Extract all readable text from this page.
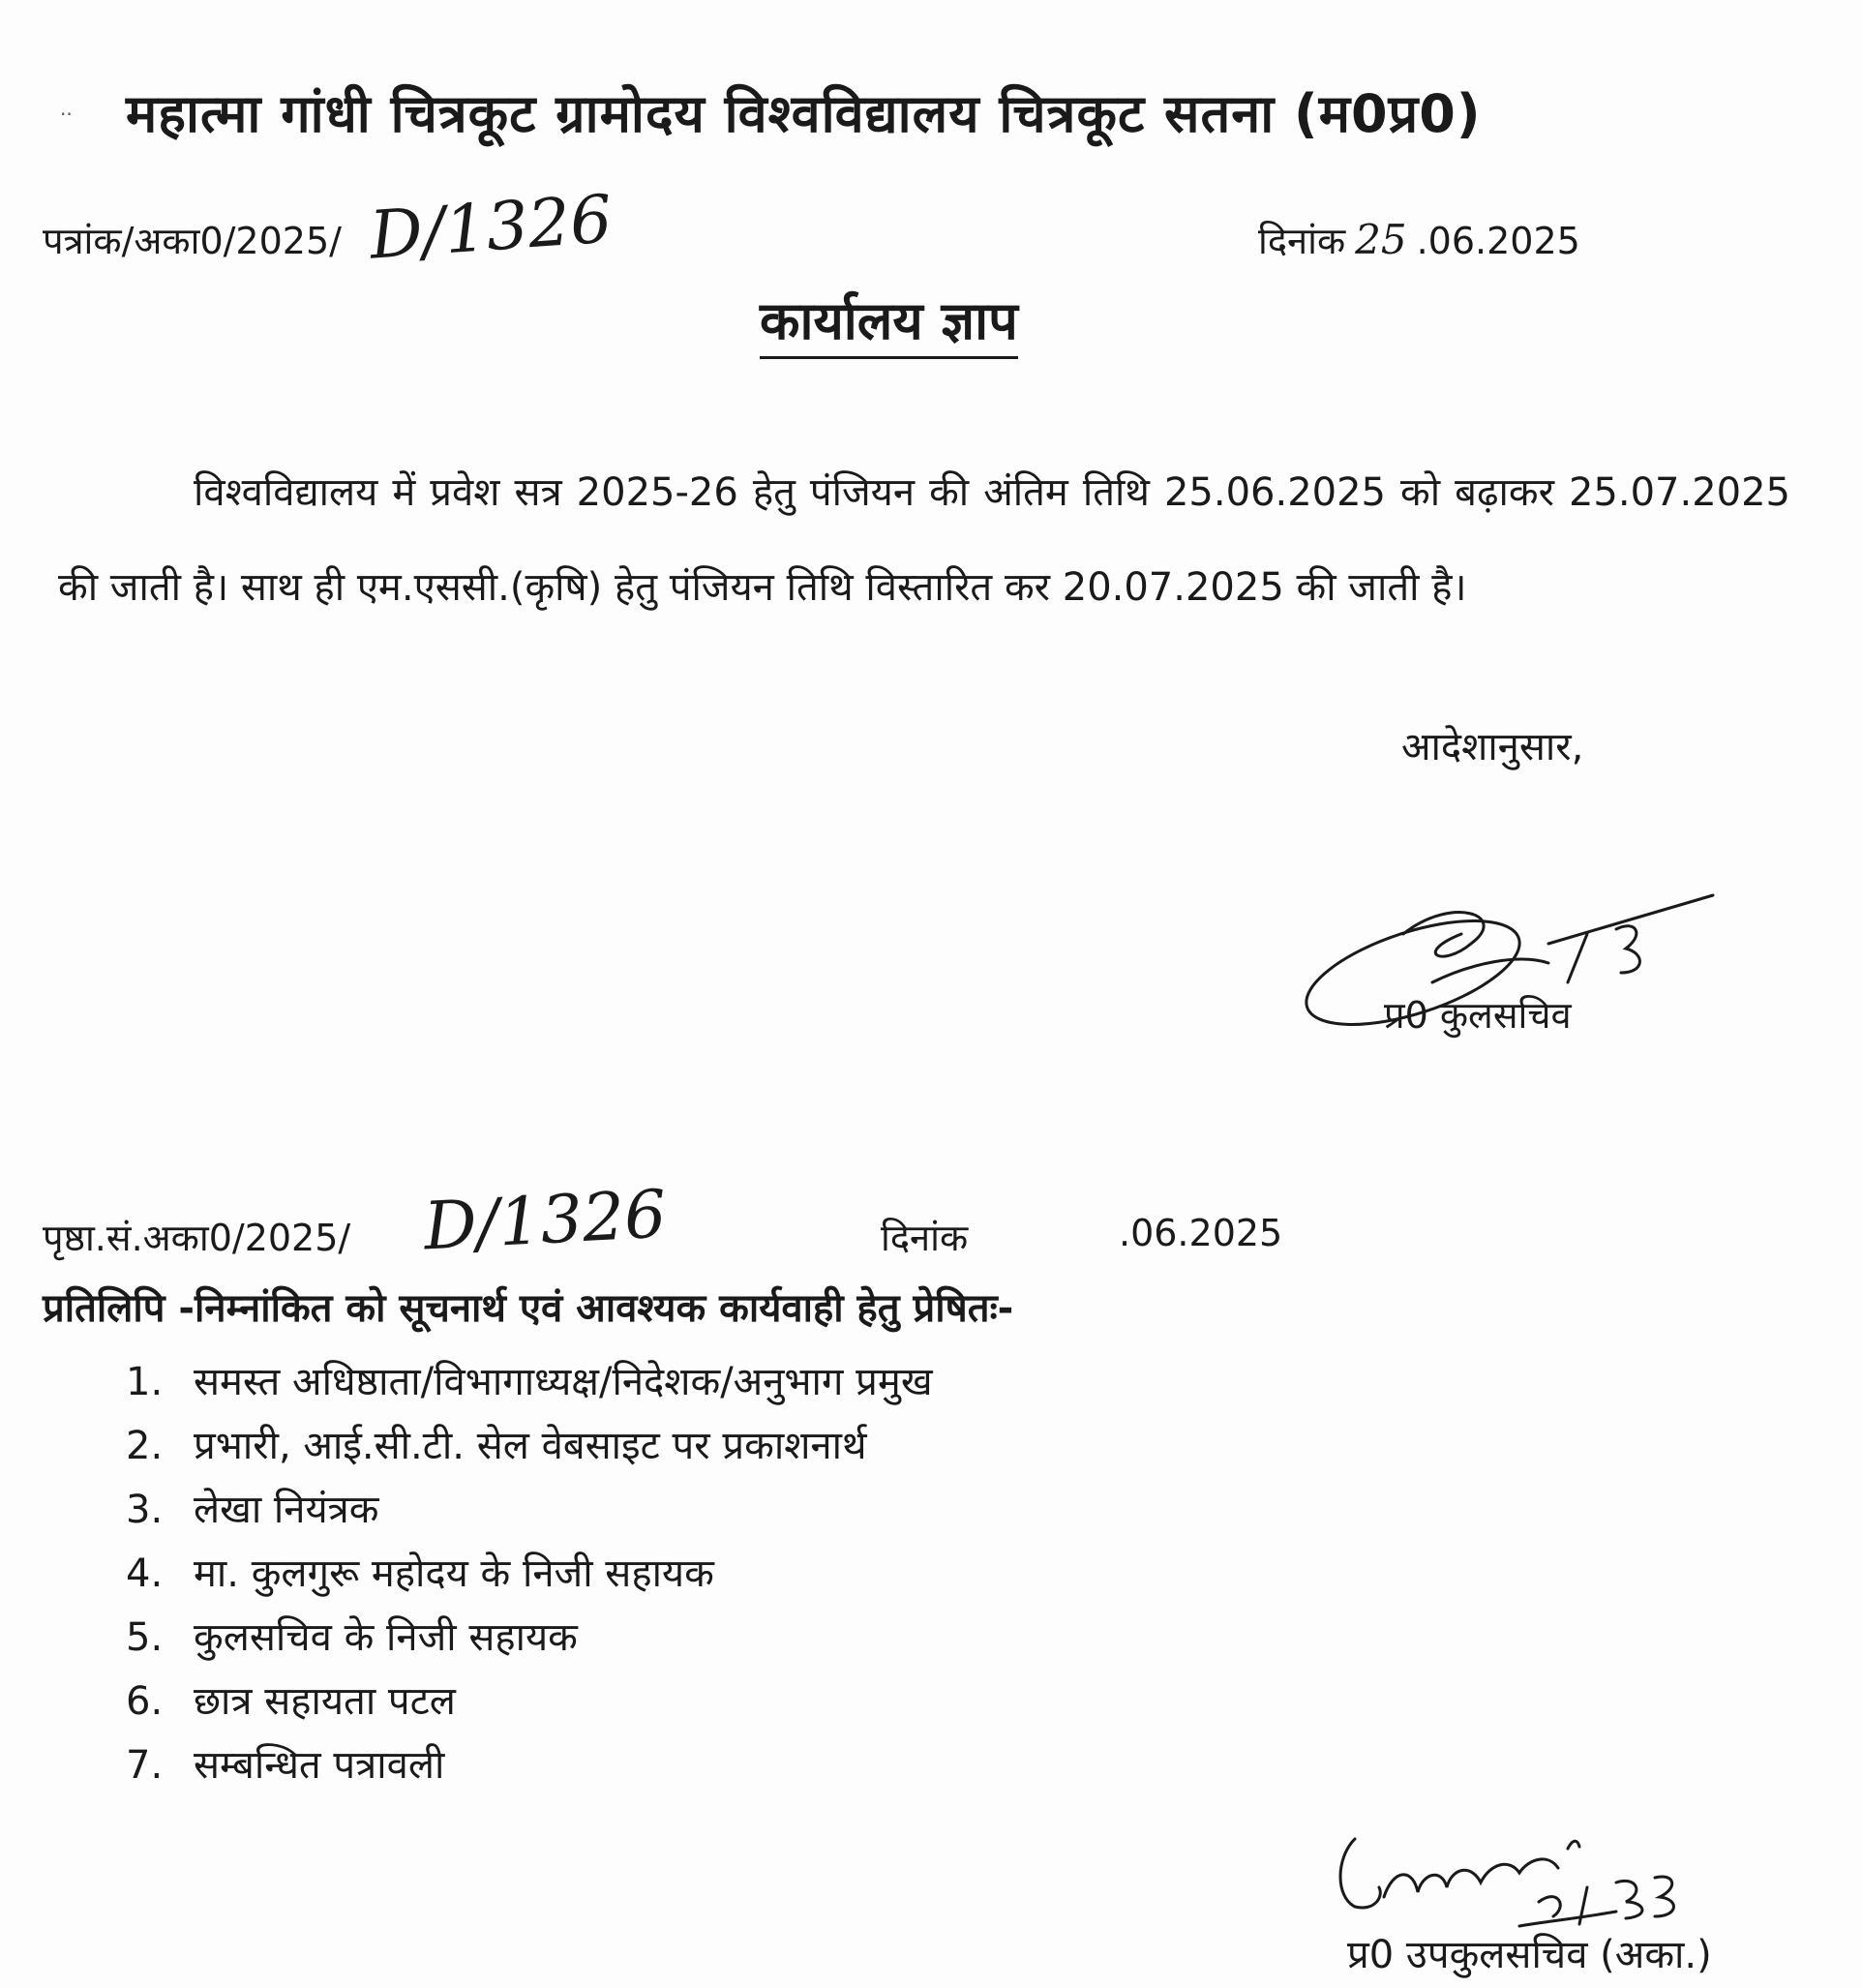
.. महात्मा गांधी चित्रकूट ग्रामोदय विश्वविद्यालय चित्रकूट सतना (म0प्र0)
पत्रांक/अका0/2025/ D/1326	दिनांक 25 .06.2025
कार्यालय ज्ञाप

विश्वविद्यालय में प्रवेश सत्र 2025-26 हेतु पंजियन की अंतिम तिथि 25.06.2025 को बढ़ाकर 25.07.2025 की जाती है। साथ ही एम.एससी.(कृषि) हेतु पंजियन तिथि विस्तारित कर 20.07.2025 की जाती है।

आदेशानुसार,
प्र0 कुलसचिव
पृष्ठा.सं.अका0/2025/ D/1326	दिनांक	.06.2025
प्रतिलिपि -निम्नांकित को सूचनार्थ एवं आवश्यक कार्यवाही हेतु प्रेषितः-
1. समस्त अधिष्ठाता/विभागाध्यक्ष/निदेशक/अनुभाग प्रमुख
2. प्रभारी, आई.सी.टी. सेल वेबसाइट पर प्रकाशनार्थ
3. लेखा नियंत्रक
4. मा. कुलगुरू महोदय के निजी सहायक
5. कुलसचिव के निजी सहायक
6. छात्र सहायता पटल
7. सम्बन्धित पत्रावली
प्र0 उपकुलसचिव (अका.)
